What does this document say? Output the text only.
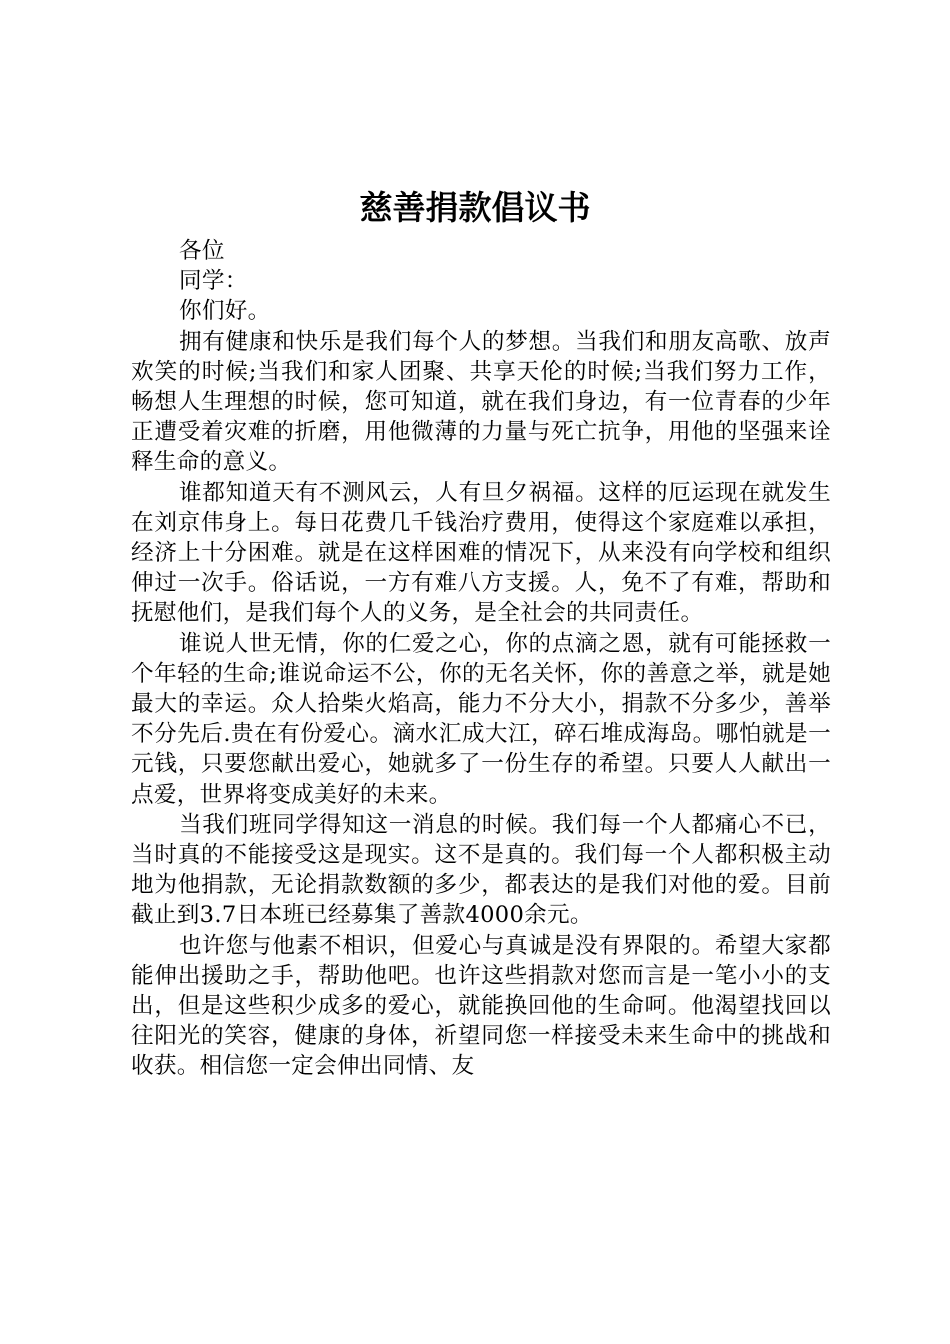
慈善捐款倡议书

各位

同学：

你们好。

拥有健康和快乐是我们每个人的梦想。当我们和朋友高歌、放声欢笑的时候;当我们和家人团聚、共享天伦的时候;当我们努力工作，畅想人生理想的时候，您可知道，就在我们身边，有一位青春的少年正遭受着灾难的折磨，用他微薄的力量与死亡抗争，用他的坚强来诠释生命的意义。

谁都知道天有不测风云，人有旦夕祸福。这样的厄运现在就发生在刘京伟身上。每日花费几千钱治疗费用，使得这个家庭难以承担，经济上十分困难。就是在这样困难的情况下，从来没有向学校和组织伸过一次手。俗话说，一方有难八方支援。人，免不了有难，帮助和抚慰他们，是我们每个人的义务，是全社会的共同责任。

谁说人世无情，你的仁爱之心，你的点滴之恩，就有可能拯救一个年轻的生命;谁说命运不公，你的无名关怀，你的善意之举，就是她最大的幸运。众人拾柴火焰高，能力不分大小，捐款不分多少，善举不分先后.贵在有份爱心。滴水汇成大江，碎石堆成海岛。哪怕就是一元钱，只要您献出爱心，她就多了一份生存的希望。只要人人献出一点爱，世界将变成美好的未来。

当我们班同学得知这一消息的时候。我们每一个人都痛心不已，当时真的不能接受这是现实。这不是真的。我们每一个人都积极主动地为他捐款，无论捐款数额的多少，都表达的是我们对他的爱。目前截止到3.7日本班已经募集了善款4000余元。

也许您与他素不相识，但爱心与真诚是没有界限的。希望大家都能伸出援助之手，帮助他吧。也许这些捐款对您而言是一笔小小的支出，但是这些积少成多的爱心，就能换回他的生命呵。他渴望找回以往阳光的笑容，健康的身体，祈望同您一样接受未来生命中的挑战和收获。相信您一定会伸出同情、友
